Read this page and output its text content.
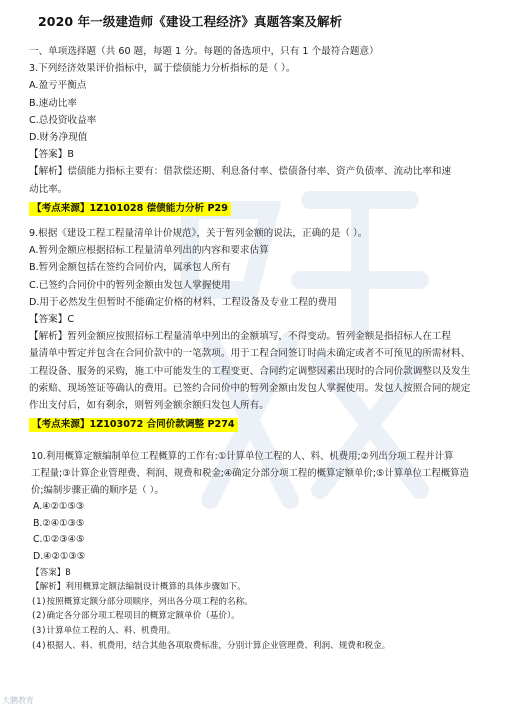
2020 年一级建造师《建设工程经济》真题答案及解析
一、单项选择题（共 60 题，每题 1 分。每题的备选项中，只有 1 个最符合题意）
3.下列经济效果评价指标中，属于偿债能力分析指标的是（ ）。
A.盈亏平衡点
B.速动比率
C.总投资收益率
D.财务净现值
【答案】B
【解析】偿债能力指标主要有：借款偿还期、利息备付率、偿债备付率、资产负债率、流动比率和速
动比率。
【考点来源】1Z101028 偿债能力分析 P29
9.根据《建设工程工程量清单计价规范》，关于暂列金额的说法，正确的是（ ）。
A.暂列金额应根据招标工程量清单列出的内容和要求估算
B.暂列金额包括在签约合同价内，属承包人所有
C.已签约合同价中的暂列金额由发包人掌握使用
D.用于必然发生但暂时不能确定价格的材料、工程设备及专业工程的费用
【答案】C
【解析】暂列金额应按照招标工程量清单中列出的金额填写，不得变动。暂列金额是指招标人在工程
量清单中暂定并包含在合同价款中的一笔款项。用于工程合同签订时尚未确定或者不可预见的所需材料、
工程设备、服务的采购，施工中可能发生的工程变更、合同约定调整因素出现时的合同价款调整以及发生
的索赔、现场签证等确认的费用。已签约合同价中的暂列金额由发包人掌握使用。发包人按照合同的规定
作出支付后，如有剩余，则暂列金额余额归发包人所有。
【考点来源】1Z103072 合同价款调整 P274
10.利用概算定额编制单位工程概算的工作有:①计算单位工程的人、料、机费用;②列出分项工程并计算
工程量;③计算企业管理费、利润、规费和税金;④确定分部分项工程的概算定额单价;⑤计算单位工程概算造
价;编制步骤正确的顺序是（ ）。
A.④②①⑤③
B.②④①③⑤
C.①②③④⑤
D.④②①③⑤
【答案】B
【解析】利用概算定额法编制设计概算的具体步骤如下。
(1)按照概算定额分部分项顺序，列出各分项工程的名称。
(2)确定各分部分项工程项目的概算定额单价（基价）。
(3)计算单位工程的人、料、机费用。
(4)根据人、料、机费用，结合其他各项取费标准，分别计算企业管理费、利润、规费和税金。
大鹏教育
